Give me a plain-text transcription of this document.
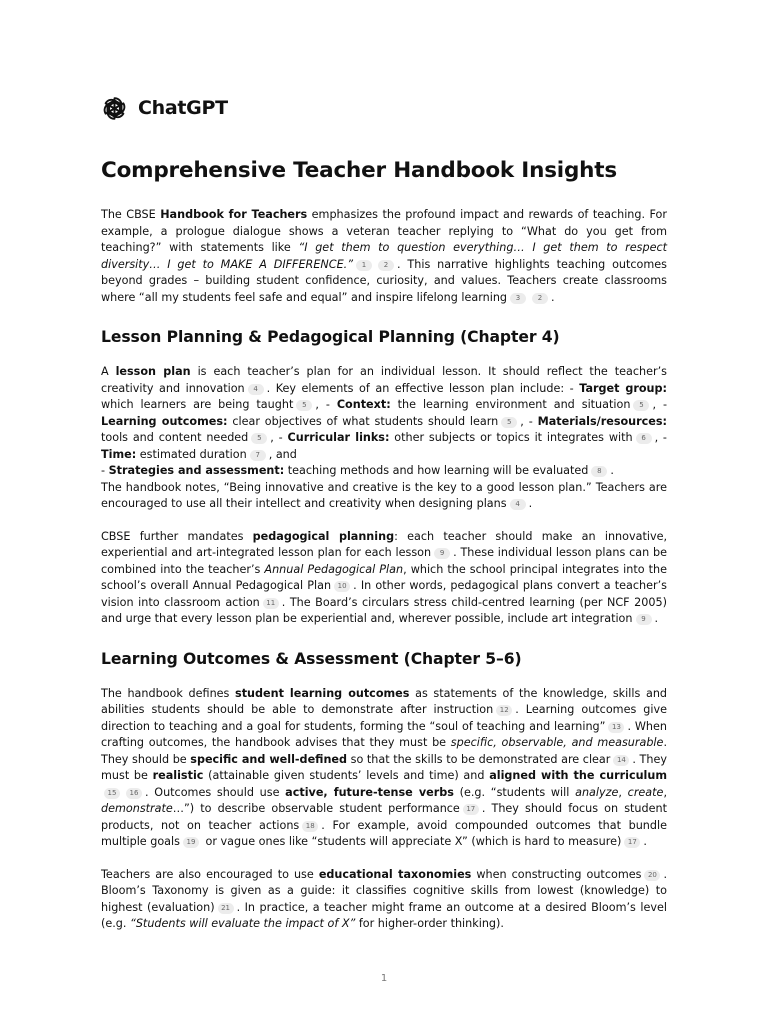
ChatGPT
Comprehensive Teacher Handbook Insights

The CBSE Handbook for Teachers emphasizes the profound impact and rewards of teaching. For example, a prologue dialogue shows a veteran teacher replying to “What do you get from teaching?” with statements like “I get them to question everything… I get them to respect diversity… I get to MAKE A DIFFERENCE.” 1	2 . This narrative highlights teaching outcomes beyond grades – building student confidence, curiosity, and values. Teachers create classrooms where “all my students feel safe and equal” and inspire lifelong learning 3	2 .

Lesson Planning & Pedagogical Planning (Chapter 4)

A lesson plan is each teacher’s plan for an individual lesson. It should reflect the teacher’s creativity and innovation 4 . Key elements of an effective lesson plan include: - Target group: which learners are being taught 5 , - Context: the learning environment and situation 5 , - Learning outcomes: clear objectives of what students should learn 5 , - Materials/resources: tools and content needed 5 , - Curricular links: other subjects or topics it integrates with 6 , - Time: estimated duration 7 , and
- Strategies and assessment: teaching methods and how learning will be evaluated 8 .
The handbook notes, “Being innovative and creative is the key to a good lesson plan.” Teachers are encouraged to use all their intellect and creativity when designing plans 4 .

CBSE further mandates pedagogical planning: each teacher should make an innovative, experiential and art-integrated lesson plan for each lesson 9 . These individual lesson plans can be combined into the teacher’s Annual Pedagogical Plan, which the school principal integrates into the school’s overall Annual Pedagogical Plan 10 . In other words, pedagogical plans convert a teacher’s vision into classroom action 11 . The Board’s circulars stress child-centred learning (per NCF 2005) and urge that every lesson plan be experiential and, wherever possible, include art integration 9 .

Learning Outcomes & Assessment (Chapter 5–6)

The handbook defines student learning outcomes as statements of the knowledge, skills and abilities students should be able to demonstrate after instruction 12 . Learning outcomes give direction to teaching and a goal for students, forming the “soul of teaching and learning” 13 . When crafting outcomes, the handbook advises that they must be specific, observable, and measurable. They should be specific and well-defined so that the skills to be demonstrated are clear 14 . They must be realistic (attainable given students’ levels and time) and aligned with the curriculum15 16 . Outcomes should use active, future-tense verbs (e.g. “students will analyze, create, demonstrate…”) to describe observable student performance 17 . They should focus on student products, not on teacher actions 18 . For example, avoid compounded outcomes that bundle multiple goals 19 or vague ones like “students will appreciate X” (which is hard to measure) 17 .

Teachers are also encouraged to use educational taxonomies when constructing outcomes 20 . Bloom’s Taxonomy is given as a guide: it classifies cognitive skills from lowest (knowledge) to highest (evaluation) 21 . In practice, a teacher might frame an outcome at a desired Bloom’s level (e.g. “Students will evaluate the impact of X” for higher-order thinking).

1
